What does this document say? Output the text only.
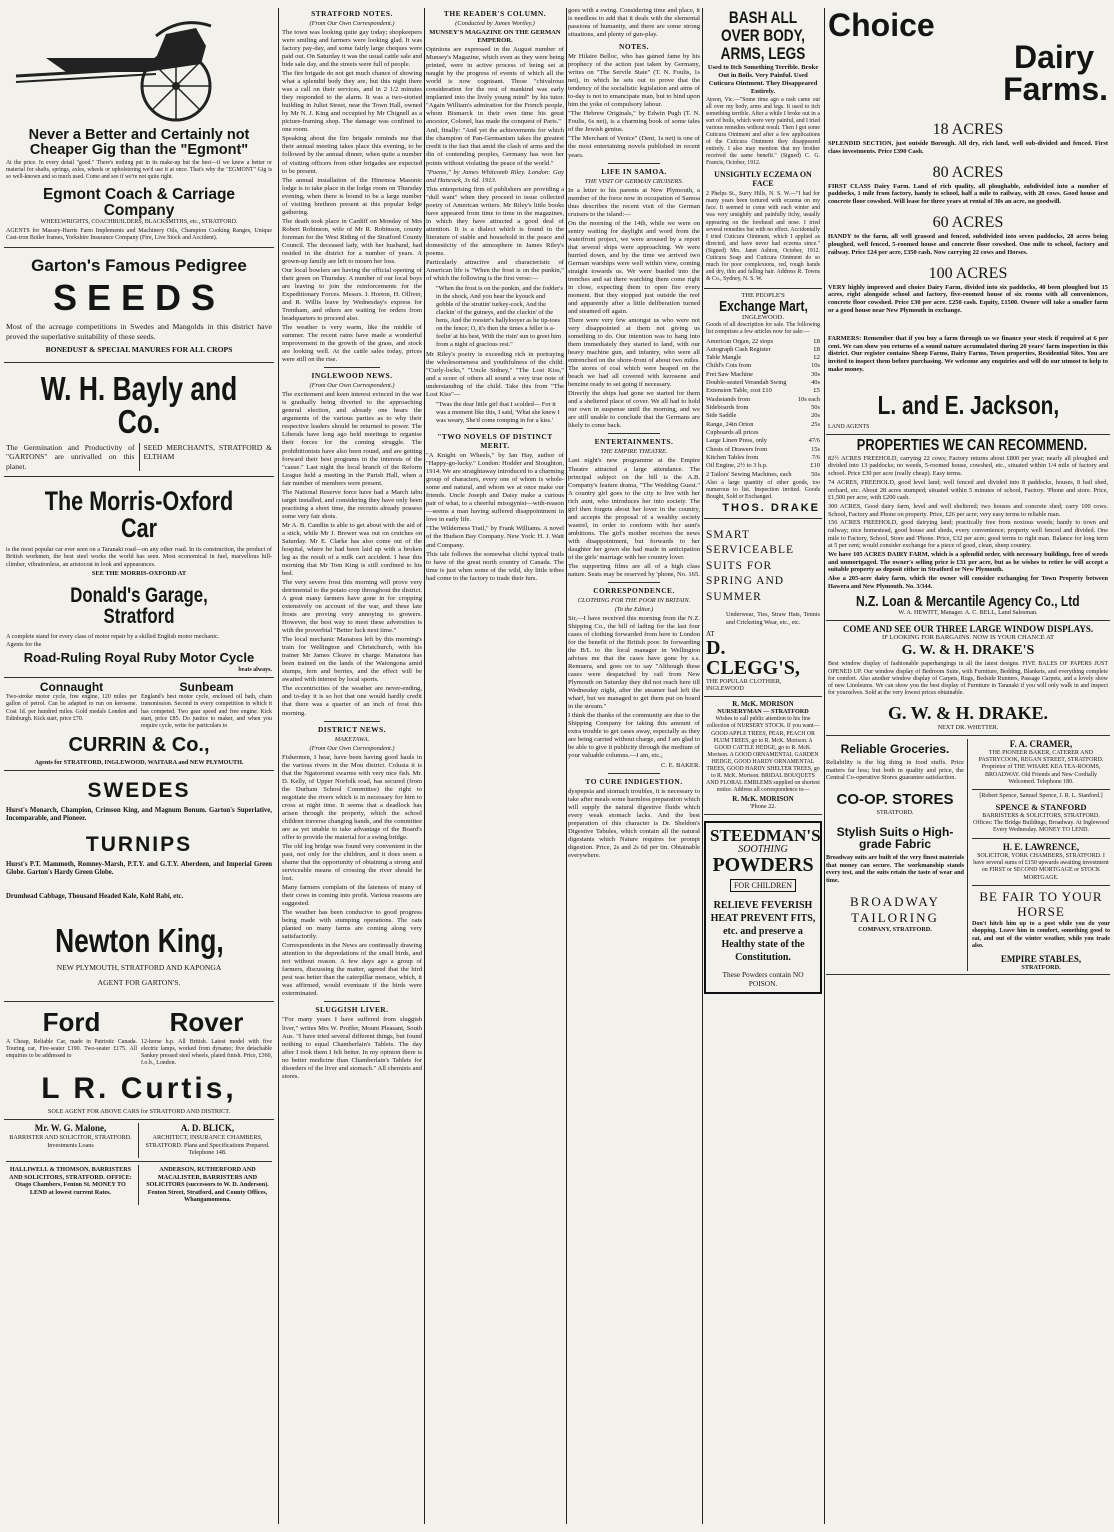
Never a Better and Certainly not Cheaper Gig than the "Egmont"

At the price. In every detail "good." There's nothing put in its make-up but the best—if we knew a better or material for shafts, springs, axles, wheels or upholstering we'd use it at once. That's why the "EGMONT" Gig is so well-known and so much used. Come and see if we're not quite right.

Egmont Coach & Carriage Company

WHEELWRIGHTS, COACHBUILDERS, BLACKSMITHS, etc., STRATFORD.

AGENTS for Massey-Harris Farm Implements and Machinery Oils, Champion Cooking Ranges, Unique Cast-iron Boiler frames, Yorkshire Insurance Company (Fire, Live Stock and Accident).

Garton's Famous Pedigree
SEEDS

Most of the acreage competitions in Swedes and Mangolds in this district have proved the superlative suitability of these seeds.

BONEDUST & SPECIAL MANURES FOR ALL CROPS
W. H. Bayly and Co.
The Germination and Productivity of "GARTONS" are unrivalled on this planet.
SEED MERCHANTS, STRATFORD & ELTHAM
The Morris-Oxford Car

is the most popular car ever seen on a Taranaki road—on any other road. In its construction, the product of British workmen, the best steel works the world has seen. Most economical in fuel, marvellous hill-climber, vibrationless, an aristocrat in look and appearances.

SEE THE MORRIS-OXFORD AT
Donald's Garage, Stratford

A complete stand for every class of motor repair by a skilled English motor mechanic.

Agents for the
Road-Ruling Royal Ruby Motor Cycle
beats always.
Connaught

Two-stroke motor cycle, free engine, 120 miles per gallon of petrol. Can be adapted to run on kerosene. Cost 1d. per hundred miles. Gold medals London and Edinburgh. Kick start, price £70.

Sunbeam

England's best motor cycle, enclosed oil bath, chain transmission. Second in every competition in which it has competed. Two gear speed and free engine. Kick start, price £85. Do justice to maker, and when you require cycle, write for particulars to

CURRIN & Co.,
Agents for STRATFORD, INGLEWOOD, WAITARA and NEW PLYMOUTH.
SWEDES

Hurst's Monarch, Champion, Crimson King, and Magnum Bonum. Garton's Superlative, Incomparable, and Pioneer.

TURNIPS

Hurst's P.T. Mammoth, Romney-Marsh, P.T.Y. and G.T.Y. Aberdeen, and Imperial Green Globe. Garton's Hardy Green Globe.

Drumhead Cabbage, Thousand Headed Kale, Kohl Rabi, etc.

Newton King,
NEW PLYMOUTH, STRATFORD AND KAPONGA
AGENT FOR GARTON'S.
Ford

A Cheap, Reliable Car, made in Patriotic Canada. Touring car, Fire-seater £190. Two-seater £175. All enquiries to be addressed to

Rover

12-horse h.p. All British. Latest model with five electric lamps, worked from dynamo; five detachable Sankey pressed steel wheels, plated finish. Price, £360, f.o.b., London.

L R. Curtis,
SOLE AGENT FOR ABOVE CARS for STRATFORD AND DISTRICT.
Mr. W. G. Malone,

BARRISTER AND SOLICITOR, STRATFORD. Investments Loans

A. D. BLICK,

ARCHITECT, INSURANCE CHAMBERS, STRATFORD. Plans and Specifications Prepared. Telephone 148.

HALLIWELL & THOMSON, BARRISTERS AND SOLICITORS, STRATFORD. OFFICE: Otago Chambers, Fenton St. MONEY TO LEND at lowest current Rates.

ANDERSON, RUTHERFORD AND MACALISTER, BARRISTERS AND SOLICITORS (successors to W. D. Anderson). Fenton Street, Stratford, and County Offices, Whangamomona.

STRATFORD NOTES.
(From Our Own Correspondent.)

The town was looking quite gay today; shopkeepers were smiling and farmers were looking glad. It was factory pay-day, and some fairly large cheques were paid out. On Saturday it was the usual cattle sale and bide sale day, and the streets were full of people.

The fire brigade do not get much chance of showing what a splendid body they are, but this night there was a call on their services, and in 2 1/2 minutes they responded to the alarm. It was a two-storied building in Juliet Street, near the Town Hall, owned by Mr N. J. King and occupied by Mr Chignell as a picture-framing shop. The damage was confined to one room.

Speaking about the fire brigade reminds me that their annual meeting takes place this evening, to be followed by the annual dinner, when quite a number of visiting officers from other brigades are expected to be present.

The annual installation of the Hinemoa Masonic lodge is to take place in the lodge room on Thursday evening, when there is bound to be a large number of visiting brethren present at this popular lodge gathering.

The death took place in Cardiff on Monday of Mrs Robert Robinson, wife of Mr R. Robinson, county foreman for the West Riding of the Stratford County Council. The deceased lady, with her husband, had resided in the district for a number of years. A grown-up family are left to mourn her loss.

Our local bowlers are having the official opening of their green on Thursday. A number of our local boys are leaving to join the reinforcements for the Expeditionary Forces. Messrs. I. Horton, H. Olliver, and R. Willis leave by Wednesday's express for Trentham, and others are waiting for orders from headquarters to proceed also.

The weather is very warm, like the middle of summer. The recent rains have made a wonderful improvement in the growth of the grass, and stock are looking well. At the cattle sales today, prices were still on the rise.

INGLEWOOD NEWS.
(From Our Own Correspondent.)

The excitement and keen interest evinced in the war is gradually being diverted to the approaching general election, and already one hears the arguments of the various parties as to why their respective leaders should be returned to power. The Liberals have long ago held meetings to organise their forces for the coming struggle. The prohibitionists have also been round, and are getting forward their best programs in the interests of the "cause." Last night the local branch of the Reform League held a meeting in the Parish Hall, when a fair number of members were present.

The National Reserve force have had a March tabu target installed, and considering they have only been practising a short time, the recruits already possess some very fair shots.

Mr A. B. Candlin is able to get about with the aid of a stick, while Mr J. Brewer was out on crutches on Saturday. Mr E. Clarke has also come out of the hospital, where he had been laid up with a broken leg as the result of a milk cart accident. I hear this morning that Mr Tom King is still confined to his bed.

The very severe frost this morning will prove very detrimental to the potato crop throughout the district. A great many farmers have gone in for cropping extensively on account of the war, and these late frosts are proving very annoying to growers. However, the best way to meet these adversities is with the proverbial "Better luck next time."

The local mechanic Manatora left by this morning's train for Wellington and Christchurch, with his trainer Mr James Cleave in charge. Manatora has been trained on the lands of the Waiongona amid stumps, fern and berries, and the effect will be awaited with interest by local sports.

The eccentricities of the weather are never-ending, and to-day it is so hot that one would hardly credit that there was a quarter of an inch of frost this morning.

DISTRICT NEWS.
MAKETAWA.
(From Our Own Correspondent.)

Fishermen, I hear, have been having good hauls in the various rivers in the Mou district. Colusia it is that the Ngatoronui swarms with very nice fish. Mr. D. Kelly, of Upper Norfolk road, has secured (from the Durham School Committee) the right to negotiate the rivers which is in necessary for him to cross at night time. It seems that a deadlock has arisen through the property, which the school children traverse changing hands, and the committee are as yet unable to take advantage of the Board's offer to provide the material for a swing bridge.

The old log bridge was found very convenient in the past, not only for the children, and it does seem a shame that the opportunity of obtaining a strong and serviceable means of crossing the river should be lost.

Many farmers complain of the lateness of many of their cows in coming into profit. Various reasons are suggested.

The weather has been conducive to good progress being made with stumping operations. The oats planted on many farms are coming along very satisfactorily.

Correspondents in the News are continually drawing attention to the depredations of the small birds, and not without reason. A few days ago a group of farmers, discussing the matter, agreed that the bird pest was better than the caterpillar menace, which, it was affirmed, would eventuate if the birds were exterminated.

SLUGGISH LIVER.

"For many years I have suffered from sluggish liver," writes Mrs W. Proffer, Mount Pleasant, South Aus. "I have tried several different things, but found nothing to equal Chamberlain's Tablets. The day after I took them I felt better. In my opinion there is no better medicine than Chamberlain's Tablets for disorders of the liver and stomach." All chemists and stores.

THE READER'S COLUMN.
(Conducted by James Wortley.)
MUNSEY'S MAGAZINE ON THE GERMAN EMPEROR.

Opinions are expressed in the August number of Munsey's Magazine, which even as they were being printed, were in active process of being set at naught by the progress of events of which all the world is now cognisant. Those "chivalrous consideration for the rest of mankind was early implanted into the lively young mind" by his tutor. "Again William's admiration for the French people, whom Bismarck in their own time his great ancestor, Colonel, has made the conquest of Paris."

And, finally: "And yet the achievements for which the champion of Pan-Germanism takes the greatest credit is the fact that amid the clash of arms and the din of contending peoples, Germany has won her points without violating the peace of the world."

"Poems," by James Whitcomb Riley. London: Gay and Hancock, 3s 6d. 1913.

This enterprising firm of publishers are providing a "dull want" when they proceed to issue collected poetry of American writers. Mr Riley's little books have appeared from time to time in the magazines, in which they have attracted a good deal of attention. It is a dialect which is found in the literature of stable and household in the peace and domesticity of the atmosphere in James Riley's poems.

Particularly attractive and characteristic of American life is "When the frost is on the punkin," of which the following is the first verse:—

"When the frost is on the punkin, and the fodder's in the shock, And you hear the kyouck and gobble of the struttin' turkey-cock, And the clackin' of the guineys, and the cluckin' of the hens, And the rooster's hallylooyer as he tip-toes on the fence; O, it's then the times a feller is a-feelin' at his best, With the risin' sun to greet him from a night of gracious rest."

Mr Riley's poetry is exceeding rich in portraying the wholesomeness and youthfulness of the child. "Curly-locks," "Uncle Sidney," "The Lost Kiss," and a score of others all sound a very true note of understanding of the child. Take this from "The Lost Kiss"—

"Twas the dear little girl that I scolded— For it was a moment like this, I said, 'What she knew I was weary, She'd come romping in for a kiss.'

"TWO NOVELS OF DISTINCT MERIT.

"A Knight on Wheels," by Ian Hay, author of "Happy-go-lucky." London: Hodder and Stoughton, 1914. We are straightaway introduced to a charming group of characters, every one of whom is whole-some and natural, and whom we at once make our friends. Uncle Joseph and Daisy make a curious pair of what, to a cheerful misogynist—with-reason—seems a man having suffered disappointment in love in early life.

"The Wilderness Trail," by Frank Williams. A novel of the Hudson Bay Company. New York: H. J. Watt and Company.

This tale follows the somewhat cliché typical trails to have of the great north country of Canada. The time is just when some of the wild, shy little tribes had come to the factory to trade their furs.

goes with a swing. Considering time and place, it is needless to add that it deals with the elemental passions of humanity, and there are some strong situations, and plenty of gun-play.

NOTES.

Mr Hilaire Belloc, who has gained fame by his prophecy of the action just taken by Germany, writes on "The Servile State" (T. N. Foulis, 1s net), in which he sets out to prove that the tendency of the socialistic legislation and aims of to-day is not to emancipate man, but to bind upon him the yoke of compulsory labour.

"The Hebrew Originals," by Edwin Pugh (T. N. Foulis, 6s net), is a charming book of some tales of the Jewish genius.

"The Merchant of Venice" (Dent, 1s net) is one of the most entertaining novels published in recent years.

LIFE IN SAMOA.
THE VISIT OF GERMAN CRUISERS.

In a letter to his parents at New Plymouth, a member of the force now in occupation of Samoa thus describes the recent visit of the German cruisers to the island:—

On the morning of the 14th, while we were on sentry waiting for daylight and word from the waterfront project, we were aroused by a report that several ships were approaching. We were hurried down, and by the time we arrived two German warships were well within view, coming straight towards us. We were bustled into the trenches and sat there watching them come right in close, expecting them to open fire every moment. But they stopped just outside the reef and apparently after a little deliberation turned and steamed off again.

There were very few amongst us who were not very disappointed at them not giving us something to do. Our intention was to hang into them immediately they started to land, with our heavy machine gun, and infantry, who were all entrenched on the shore-front of about two miles. The stores of coal which were heaped on the beach we had all covered with kerosene and benzine ready to set going if necessary.

Directly the ships had gone we started for them and a sheltered place of cover. We all had to hold our own in suspense until the morning, and we are still unable to conclude that the Germans are likely to come back.

ENTERTAINMENTS.
THE EMPIRE THEATRE.

Last night's new programme at the Empire Theatre attracted a large attendance. The principal subject on the bill is the A.B. Company's feature drama, "The Wedding Guest." A country girl goes to the city to live with her rich aunt, who introduces her into society. The girl then forgets about her lover in the country, and accepts the proposal of a wealthy society wastrel, in order to conform with her aunt's ambitions. The girl's mother receives the news with disappointment, but forwards to her daughter her gown she had made in anticipation of the girls' marriage with her country lover.

The supporting films are all of a high class nature. Seats may be reserved by 'phone, No. 165.

CORRESPONDENCE.
CLOTHING FOR THE POOR IN BRITAIN.
(To the Editor.)

Sir,—I have received this morning from the N.Z. Shipping Co., the bill of lading for the last four cases of clothing forwarded from here to London for the benefit of the British poor. In forwarding the B/L to the local manager in Wellington advises me that the cases have gone by s.s. Remuera, and goes on to say "Although these cases were despatched by rail from New Plymouth on Saturday they did not reach here till Wednesday night, after the steamer had left the wharf, but we managed to get them put on board in the stream."

I think the thanks of the community are due to the Shipping Company for taking this amount of extra trouble to get cases away, especially as they are being carried without charge, and I am glad to be able to give it publicity through the medium of your valuable columns.—I am, etc.,

C. E. BAKER.
TO CURE INDIGESTION.

dyspepsia and stomach troubles, it is necessary to take after meals some harmless preparation which will supply the natural digestive fluids which every weak stomach lacks. And the best preparation of this character is Dr. Sheldon's Digestive Tabules, which contain all the natural digestants which Nature requires for prompt digestion. Price, 2s and 2s 6d per tin. Obtainable everywhere.

BASH ALL OVER BODY, ARMS, LEGS

Used to Itch Something Terrible. Broke Out in Boils. Very Painful. Used Cuticura Ointment. They Disappeared Entirely.

Ayeon, Vic.—"Some time ago a rash came out all over my body, arms and legs. It used to itch something terrible. After a while I broke out in a sort of boils, which were very painful, and I tried various remedies without result. Then I got some Cuticura Ointment and after a few applications of the Cuticura Ointment they disappeared entirely. I also may mention that my brother received the same benefit." (Signed) C. G. Francis, October, 1912.

UNSIGHTLY ECZEMA ON FACE

2 Phelps St., Surry Hills, N. S. W.—"I had for many years been tortured with eczema on my face. It seemed to come with each winter and was very unsightly and painfully itchy, usually appearing on the forehead and nose. I tried several remedies but with no effect. Accidentally I tried Cuticura Ointment, which I applied as directed, and have never had eczema since." (Signed) Mrs. Janet Ashton, October, 1912. Cuticura Soap and Cuticura Ointment do so much for poor complexions, red, rough hands and dry, thin and falling hair. Address R. Towns & Co., Sydney, N. S. W.

THE PEOPLE'S
Exchange Mart,
INGLEWOOD.

Goods of all description for sale. The following list comprises a few articles now for sale:—

American Organ, 22 stops	£8
Autograph Cash Register	£8
Table Mangle	£2
Child's Cots from	10s
Fret Saw Machine	30s
Double-seated Verandah Swing	40s
Extension Table, cost £10	£5
Washstands from	10s each
Sideboards from	50s
Side Saddle	20s
Range, 24in Orion	25s
Cupboards all prices
Large Linen Press, only	47/6
Chests of Drawers from	15s
Kitchen Tables from	7/6
Oil Engine, 2½ to 3 h.p.	£10
2 Tailors' Sewing Machines, each	50s

Also a large quantity of other goods, too numerous to list. Inspection invited. Goods Bought, Sold or Exchanged.

THOS. DRAKE
SMART SERVICEABLE SUITS FOR SPRING AND SUMMER

Underwear, Ties, Straw Hats, Tennis and Cricketing Wear, etc., etc.

AT
D. CLEGG'S,
THE POPULAR CLOTHIER, INGLEWOOD
R. McK. MORISON
NURSERYMAN — STRATFORD

Wishes to call public attention to his fine collection of NURSERY STOCK. If you want— GOOD APPLE TREES, PEAR, PEACH OR PLUM TREES, go to R. McK. Morison. A GOOD CATTLE HEDGE, go to R. McK. Morison. A GOOD ORNAMENTAL GARDEN HEDGE, GOOD HARDY ORNAMENTAL TREES, GOOD HARDY SHELTER TREES, go to R. McK. Morison. BRIDAL BOUQUETS AND FLORAL EMBLEMS supplied on shortest notice. Address all correspondence to—

R. McK. MORISON
'Phone 22.
STEEDMAN'S
SOOTHING
POWDERS
FOR CHILDREN
RELIEVE FEVERISH HEAT PREVENT FITS, etc. and preserve a Healthy state of the Constitution.
These Powders contain NO POISON.
Choice
Dairy
Farms.
18 ACRES

SPLENDID SECTION, just outside Borough. All dry, rich land, well sub-divided and fenced. First class investments. Price £390 Cash.

80 ACRES

FIRST CLASS Dairy Farm. Land of rich quality, all ploughable, subdivided into a number of paddocks, 1 mile from factory, handy to school, half a mile to railway, with 28 cows. Good house and concrete floor cowshed. Will lease for three years at rental of 30s an acre, no goodwill.

60 ACRES

HANDY to the farm, all well grassed and fenced, subdivided into seven paddocks, 28 acres being ploughed, well fenced, 5-roomed house and concrete floor cowshed. One mile to school, factory and railway. Price £24 per acre, £350 cash. Now carrying 22 cows and Horses.

100 ACRES

VERY highly improved and choice Dairy Farm, divided into six paddocks, 40 been ploughed but 15 acres, right alongside school and factory, five-roomed house of six rooms with all conveniences, concrete floor cowshed. Price £30 per acre. £250 cash. Equity, £1500. Owner will take a smaller farm or a good house near New Plymouth in exchange.

FARMERS: Remember that if you buy a farm through us we finance your stock if required at 6 per cent. We can show you returns of a sound nature accumulated during 20 years' farm inspection in this district. Our register contains Sheep Farms, Dairy Farms, Town properties, Residential Sites. You are invited to inspect them before purchasing. We welcome any enquiries and will do our utmost to help to make money.

L. and E. Jackson,
LAND AGENTS
PROPERTIES WE CAN RECOMMEND.

82½ ACRES FREEHOLD, carrying 22 cows; Factory returns about £800 per year; nearly all ploughed and divided into 13 paddocks; no weeds, 5-roomed house, cowshed, etc., situated within 1/4 mile of factory and school. Price £30 per acre (really cheap). Easy terms.

74 ACRES, FREEHOLD, good level land; well fenced and divided into 8 paddocks, houses, 8 bail shed, orchard, etc. About 28 acres stumped; situated within 5 minutes of school, Factory. 'Phone and store. Price, £1,500 per acre, with £200 cash.

300 ACRES, Good dairy farm, level and well sheltered; two houses and concrete shed; carry 100 cows. School, Factory and Phone on property. Price, £26 per acre; very easy terms to reliable man.

156 ACRES FREEHOLD, good dairying land; practically free from noxious weeds; handy to town and railway; nice homestead, good house and sheds, every convenience; property well fenced and divided. One mile to Factory, School, Store and 'Phone. Price, £32 per acre; good terms to right man. Balance for long term at 5 per cent; would consider exchange for a piece of good, clean, sheep country.

We have 105 ACRES DAIRY FARM, which is a splendid order, with necessary buildings, free of weeds and unmortgaged. The owner's selling price is £31 per acre, but as he wishes to retire he will accept a suitable property as deposit either in Stratford or New Plymouth.

Also a 205-acre dairy farm, which the owner will consider exchanging for Town Property between Hawera and New Plymouth. No. 3/344.

N.Z. Loan & Mercantile Agency Co., Ltd
W. A. HEWITT, Manager. A. C. BELL, Land Salesman.
COME AND SEE OUR THREE LARGE WINDOW DISPLAYS.
IF LOOKING FOR BARGAINS. NOW IS YOUR CHANCE AT
G. W. & H. DRAKE'S

Best window display of fashionable paperhangings in all the latest designs. FIVE BALES OF PAPERS JUST OPENED UP. Our window display of Bedroom Suite, with Furniture, Bedding, Blankets, and everything complete for comfort. Also another window display of Carpets, Rugs, Bedside Runners, Passage Carpets, and a lovely show of new Linoleums. We can show you the best display of Furniture in Taranaki if you will only walk in and inspect for yourselves. Sold at the very lowest prices obtainable.

G. W. & H. DRAKE.
NEXT DR. WHETTER.
Reliable Groceries.

Reliability is the big thing in food stuffs. Price matters far less; but both in quality and price, the Central Co-operative Stores guarantee satisfaction.

CO-OP. STORES
STRATFORD.
Stylish Suits o High-grade Fabric

Broadway suits are built of the very finest materials that money can secure. The workmanship stands every test, and the suits retain the taste of wear and time.

BROADWAY
TAILORING
COMPANY, STRATFORD.
F. A. CRAMER,

THE PIONEER BAKER, CATERER AND PASTRYCOOK, REGAN STREET, STRATFORD. Proprietor of THE WHARE KEA TEA-ROOMS, BROADWAY. Old Friends and New Cordially Welcomed. Telephone 180.

[Robert Spence, Samuel Spence, J. R. L. Stanford.]

SPENCE & STANFORD

BARRISTERS & SOLICITORS, STRATFORD. Offices: The Bridge Buildings, Broadway. At Inglewood Every Wednesday. MONEY TO LEND.

H. E. LAWRENCE,

SOLICITOR, YORK CHAMBERS, STRATFORD. I have several sums of £150 upwards awaiting investment on FIRST or SECOND MORTGAGE or STOCK MORTGAGE.

BE FAIR TO YOUR HORSE

Don't hitch him up to a post while you do your shopping. Leave him in comfort, something good to eat, and out of the winter weather, while you trade also.

EMPIRE STABLES,
STRATFORD.
